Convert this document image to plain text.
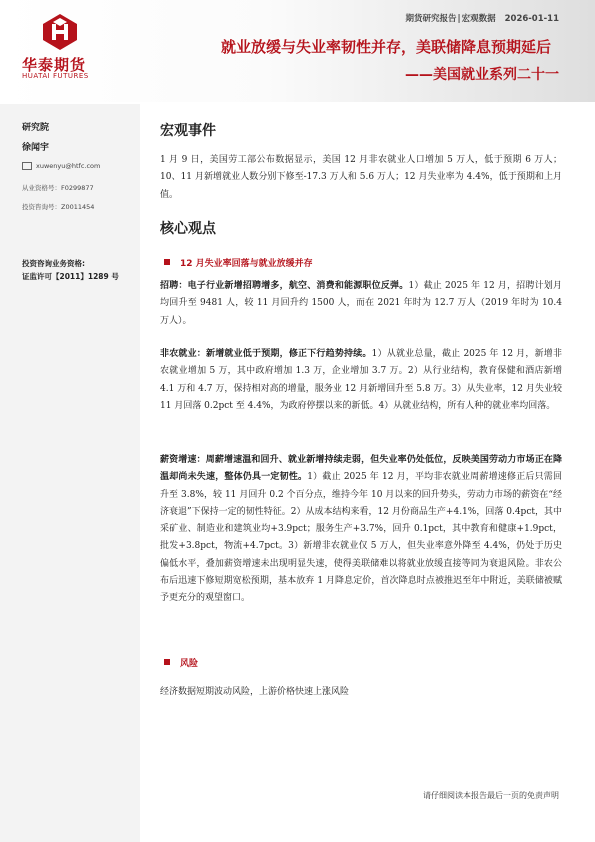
华泰期货
HUATAI FUTURES
期货研究报告|宏观数据 2026-01-11
就业放缓与失业率韧性并存，美联储降息预期延后
——美国就业系列二十一
研究院
徐闻宇
xuwenyu@htfc.com
从业资格号：F0299877
投资咨询号：Z0011454
投资咨询业务资格:
证监许可【2011】1289 号
宏观事件
1 月 9 日，美国劳工部公布数据显示，美国 12 月非农就业人口增加 5 万人，低于预期 6 万人；10、11 月新增就业人数分别下修至-17.3 万人和 5.6 万人；12 月失业率为 4.4%，低于预期和上月值。
核心观点
12 月失业率回落与就业放缓并存
招聘：电子行业新增招聘增多，航空、消费和能源职位反弹。1）截止 2025 年 12 月，招聘计划月均回升至 9481 人，较 11 月回升约 1500 人，而在 2021 年时为 12.7 万人（2019 年时为 10.4 万人）。
非农就业：新增就业低于预期，修正下行趋势持续。1）从就业总量，截止 2025 年 12 月，新增非农就业增加 5 万，其中政府增加 1.3 万，企业增加 3.7 万。2）从行业结构，教育保健和酒店新增 4.1 万和 4.7 万，保持相对高的增量，服务业 12 月新增回升至 5.8 万。3）从失业率，12 月失业较 11 月回落 0.2pct 至 4.4%，为政府停摆以来的新低。4）从就业结构，所有人种的就业率均回落。
薪资增速：周薪增速温和回升、就业新增持续走弱，但失业率仍处低位，反映美国劳动力市场正在降温却尚未失速，整体仍具一定韧性。1）截止 2025 年 12 月，平均非农就业周薪增速修正后只需回升至 3.8%，较 11 月回升 0.2 个百分点，维持今年 10 月以来的回升势头，劳动力市场的薪资在“经济衰退”下保持一定的韧性特征。2）从成本结构来看，12 月份商品生产+4.1%，回落 0.4pct，其中采矿业、制造业和建筑业均+3.9pct；服务生产+3.7%，回升 0.1pct，其中教育和健康+1.9pct，批发+3.8pct，物流+4.7pct。3）新增非农就业仅 5 万人，但失业率意外降至 4.4%，仍处于历史偏低水平，叠加薪资增速未出现明显失速，使得美联储难以将就业放缓直接等同为衰退风险。非农公布后迅速下修短期宽松预期，基本放弃 1 月降息定价，首次降息时点被推迟至年中附近，美联储被赋予更充分的观望窗口。
风险
经济数据短期波动风险，上游价格快速上涨风险
请仔细阅读本报告最后一页的免责声明
